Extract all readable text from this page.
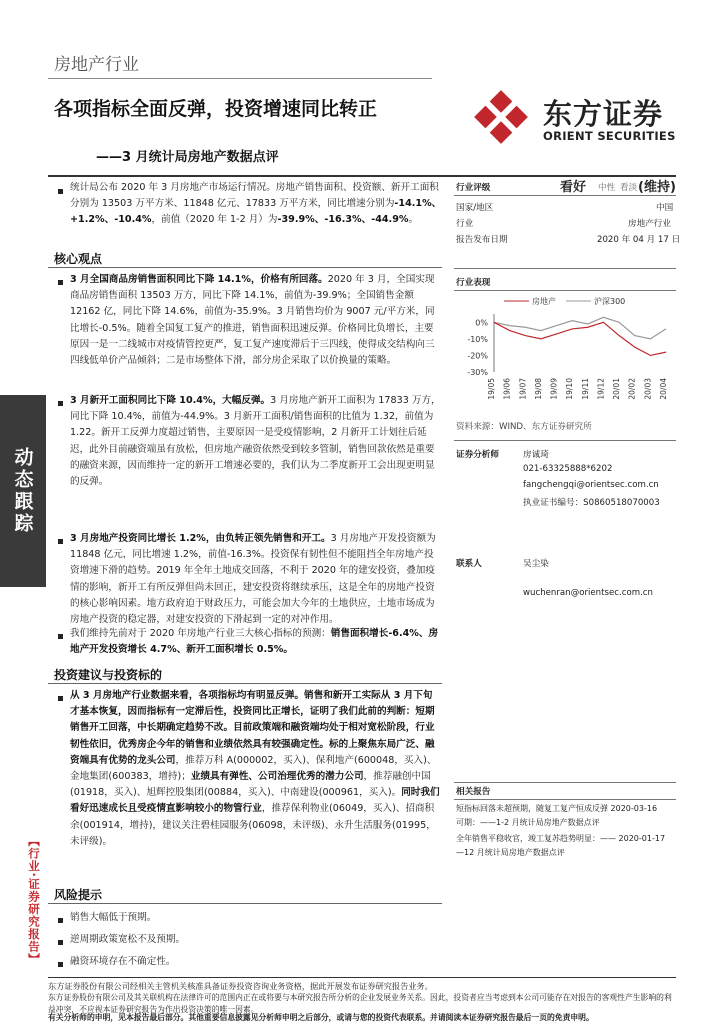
房地产行业
各项指标全面反弹，投资增速同比转正
——3 月统计局房地产数据点评
东方证券
ORIENT SECURITIES
动态跟踪
【行业·证券研究报告】
统计局公布 2020 年 3 月房地产市场运行情况。房地产销售面积、投资额、新开工面积分别为 13503 万平方米、11848 亿元、17833 万平方米，同比增速分别为-14.1%、+1.2%、-10.4%，前值（2020 年 1-2 月）为-39.9%、-16.3%、-44.9%。
核心观点
3 月全国商品房销售面积同比下降 14.1%，价格有所回落。2020 年 3 月，全国实现商品房销售面积 13503 万方，同比下降 14.1%，前值为-39.9%；全国销售金额 12162 亿，同比下降 14.6%，前值为-35.9%。3 月销售均价为 9007 元/平方米，同比增长-0.5%。随着全国复工复产的推进，销售面积迅速反弹。价格同比负增长，主要原因一是一二线城市对疫情管控更严，复工复产速度滞后于三四线，使得成交结构向三四线低单价产品倾斜；二是市场整体下滑，部分房企采取了以价换量的策略。
3 月新开工面积同比下降 10.4%，大幅反弹。3 月房地产新开工面积为 17833 万方，同比下降 10.4%，前值为-44.9%。3 月新开工面积/销售面积的比值为 1.32，前值为 1.22。新开工反弹力度超过销售，主要原因一是受疫情影响，2 月新开工计划往后延迟，此外目前融资端虽有放松，但房地产融资依然受到较多管制，销售回款依然是重要的融资来源，因而维持一定的新开工增速必要的，我们认为二季度新开工会出现更明显的反弹。
3 月房地产投资同比增长 1.2%，由负转正领先销售和开工。3 月房地产开发投资额为 11848 亿元，同比增速 1.2%，前值-16.3%。投资保有韧性但不能阻挡全年房地产投资增速下滑的趋势。2019 年全年土地成交回落，不利于 2020 年的建安投资，叠加疫情的影响，新开工有所反弹但尚未回正，建安投资将继续承压，这是全年的房地产投资的核心影响因素。地方政府迫于财政压力，可能会加大今年的土地供应，土地市场成为房地产投资的稳定器，对建安投资的下滑起到一定的对冲作用。
我们维持先前对于 2020 年房地产行业三大核心指标的预测：销售面积增长-6.4%、房地产开发投资增长 4.7%、新开工面积增长 0.5%。
投资建议与投资标的
从 3 月房地产行业数据来看，各项指标均有明显反弹。销售和新开工实际从 3 月下旬才基本恢复，因而指标有一定滞后性，投资同比正增长，证明了我们此前的判断：短期销售开工回落，中长期确定趋势不改。目前政策端和融资端均处于相对宽松阶段，行业韧性依旧，优秀房企今年的销售和业绩依然具有较强确定性。标的上聚焦东局广泛、融资端具有优势的龙头公司，推荐万科 A(000002，买入)、保利地产(600048，买入)、金地集团(600383，增持)；业绩具有弹性、公司治理优秀的潜力公司，推荐融创中国(01918，买入)、旭辉控股集团(00884，买入)、中南建设(000961，买入)。同时我们看好迅速成长且受疫情直影响较小的物管行业，推荐保利物业(06049，买入)、招商积余(001914，增持)，建议关注碧桂园服务(06098，未评级)、永升生活服务(01995，未评级)。
风险提示
销售大幅低于预期。
逆周期政策宽松不及预期。
融资环境存在不确定性。
行业评级	看好 中性 看淡 (维持)
国家/地区	中国
行业	房地产行业
报告发布日期	2020 年 04 月 17 日
行业表现
房地产	沪深300
0%
-10%
-20%
-30%
19/05 19/06 19/07 19/08 19/09 19/10 19/11 19/12 20/01 20/02 20/03 20/04
资料来源：WIND、东方证券研究所
证券分析师	房诚琦
021-63325888*6202
fangchengqi@orientsec.com.cn
执业证书编号：S0860518070003
联系人	吴尘染
wuchenran@orientsec.com.cn
相关报告
短指标回落未超预期，随复工复产恒成反弹 2020-03-16
可期：——1-2 月统计局房地产数据点评
全年销售平稳收官，竣工复苏趋势明显：—— 2020-01-17
—12 月统计局房地产数据点评
东方证券股份有限公司经相关主管机关核准具备证券投资咨询业务资格，据此开展发布证券研究报告业务。
东方证券股份有限公司及其关联机构在法律许可的范围内正在或将要与本研究报告所分析的企业发展业务关系。因此，投资者应当考虑到本公司可能存在对报告的客观性产生影响的利益冲突，不应视本证券研究报告为作出投资决策的唯一因素。
有关分析师的申明，见本报告最后部分。其他重要信息披露见分析师申明之后部分，或请与您的投资代表联系。并请阅读本证券研究报告最后一页的免责申明。
